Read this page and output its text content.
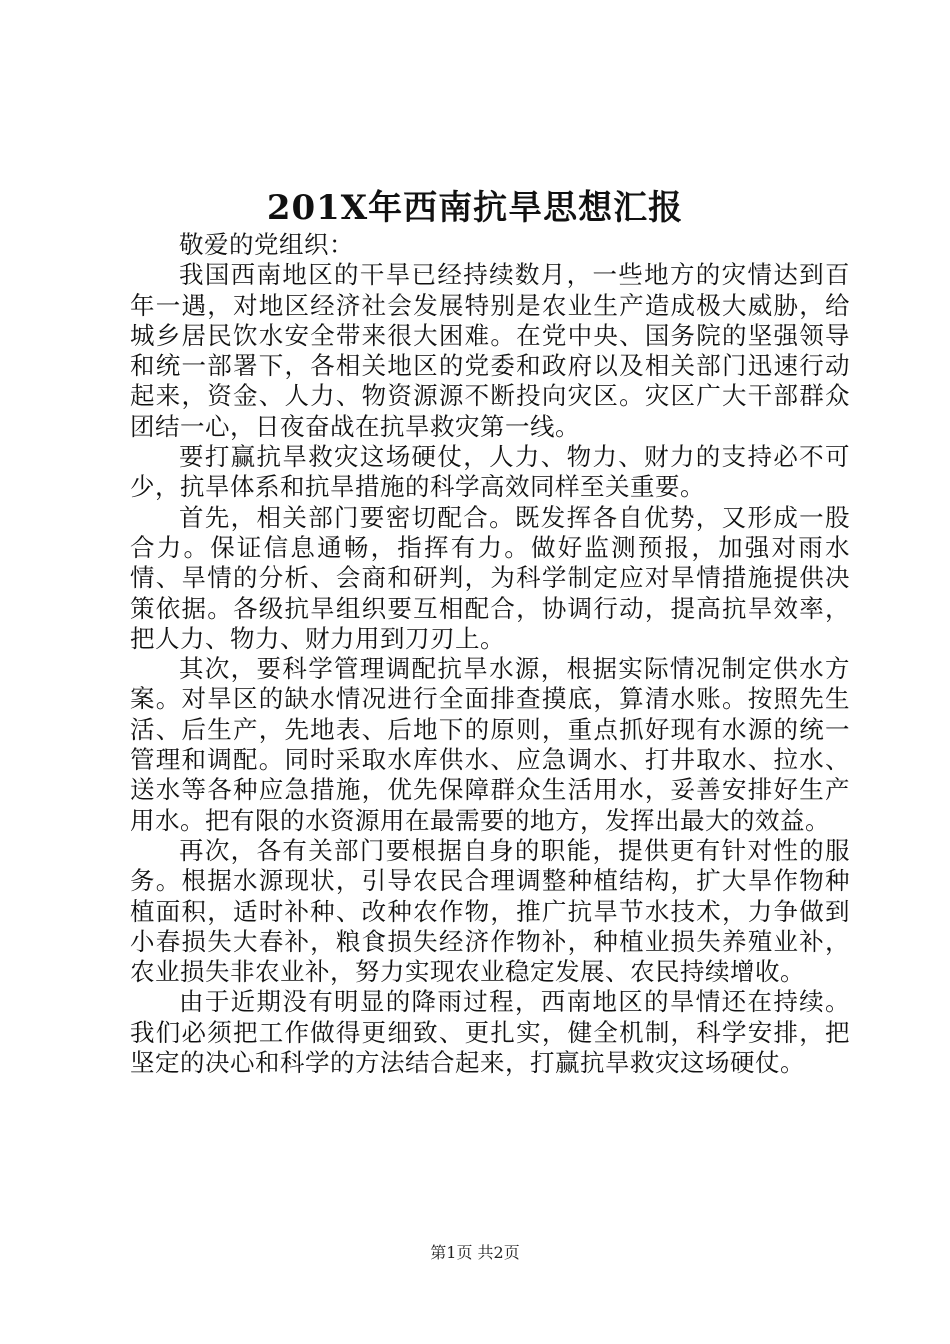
201X年西南抗旱思想汇报

敬爱的党组织：

我国西南地区的干旱已经持续数月，一些地方的灾情达到百年一遇，对地区经济社会发展特别是农业生产造成极大威胁，给城乡居民饮水安全带来很大困难。在党中央、国务院的坚强领导和统一部署下，各相关地区的党委和政府以及相关部门迅速行动起来，资金、人力、物资源源不断投向灾区。灾区广大干部群众团结一心，日夜奋战在抗旱救灾第一线。

要打赢抗旱救灾这场硬仗，人力、物力、财力的支持必不可少，抗旱体系和抗旱措施的科学高效同样至关重要。

首先，相关部门要密切配合。既发挥各自优势，又形成一股合力。保证信息通畅，指挥有力。做好监测预报，加强对雨水情、旱情的分析、会商和研判，为科学制定应对旱情措施提供决策依据。各级抗旱组织要互相配合，协调行动，提高抗旱效率，把人力、物力、财力用到刀刃上。

其次，要科学管理调配抗旱水源，根据实际情况制定供水方案。对旱区的缺水情况进行全面排查摸底，算清水账。按照先生活、后生产，先地表、后地下的原则，重点抓好现有水源的统一管理和调配。同时采取水库供水、应急调水、打井取水、拉水、送水等各种应急措施，优先保障群众生活用水，妥善安排好生产用水。把有限的水资源用在最需要的地方，发挥出最大的效益。

再次，各有关部门要根据自身的职能，提供更有针对性的服务。根据水源现状，引导农民合理调整种植结构，扩大旱作物种植面积，适时补种、改种农作物，推广抗旱节水技术，力争做到小春损失大春补，粮食损失经济作物补，种植业损失养殖业补，农业损失非农业补，努力实现农业稳定发展、农民持续增收。

由于近期没有明显的降雨过程，西南地区的旱情还在持续。我们必须把工作做得更细致、更扎实，健全机制，科学安排，把坚定的决心和科学的方法结合起来，打赢抗旱救灾这场硬仗。

第1页 共2页
